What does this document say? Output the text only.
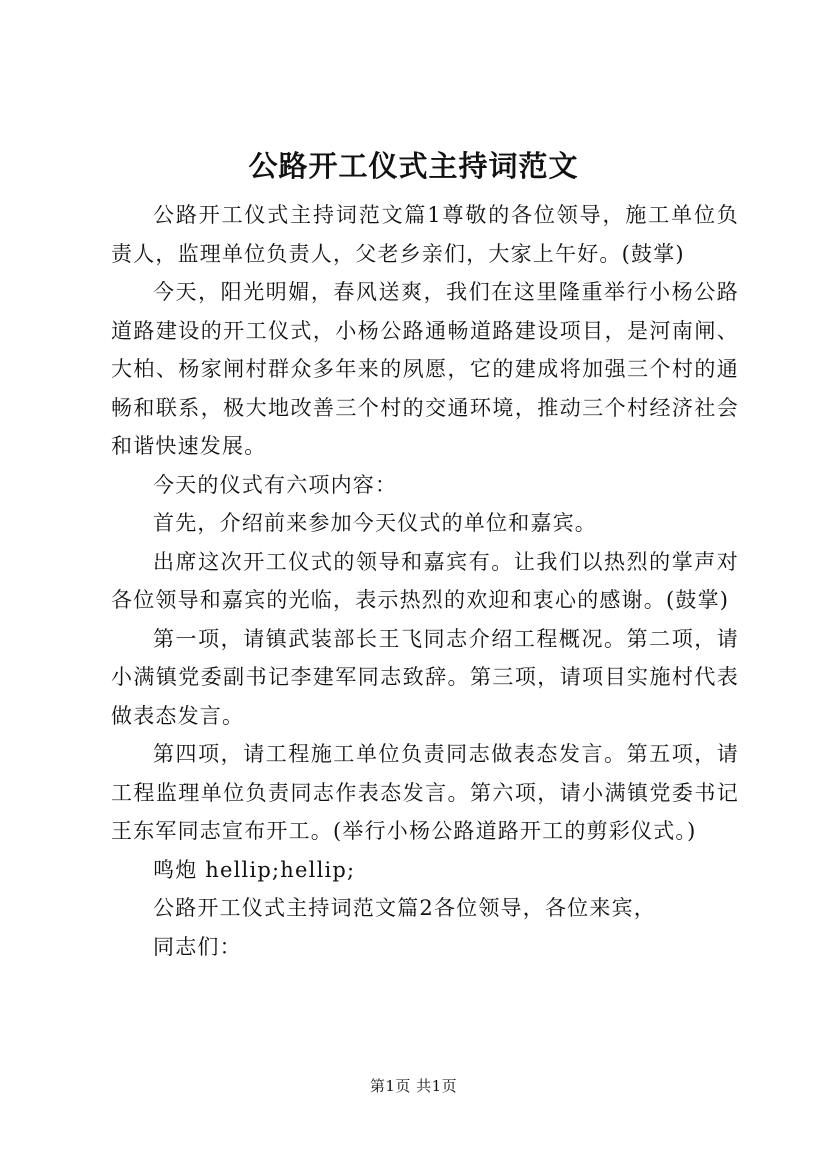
公路开工仪式主持词范文

公路开工仪式主持词范文篇1尊敬的各位领导，施工单位负责人，监理单位负责人，父老乡亲们，大家上午好。(鼓掌)

今天，阳光明媚，春风送爽，我们在这里隆重举行小杨公路道路建设的开工仪式，小杨公路通畅道路建设项目，是河南闸、大柏、杨家闸村群众多年来的夙愿，它的建成将加强三个村的通畅和联系，极大地改善三个村的交通环境，推动三个村经济社会和谐快速发展。

今天的仪式有六项内容：

首先，介绍前来参加今天仪式的单位和嘉宾。

出席这次开工仪式的领导和嘉宾有。让我们以热烈的掌声对各位领导和嘉宾的光临，表示热烈的欢迎和衷心的感谢。(鼓掌)

第一项，请镇武装部长王飞同志介绍工程概况。第二项，请小满镇党委副书记李建军同志致辞。第三项，请项目实施村代表做表态发言。

第四项，请工程施工单位负责同志做表态发言。第五项，请工程监理单位负责同志作表态发言。第六项，请小满镇党委书记王东军同志宣布开工。(举行小杨公路道路开工的剪彩仪式。)

鸣炮 hellip;hellip;

公路开工仪式主持词范文篇2各位领导，各位来宾，

同志们：

第1页 共1页
